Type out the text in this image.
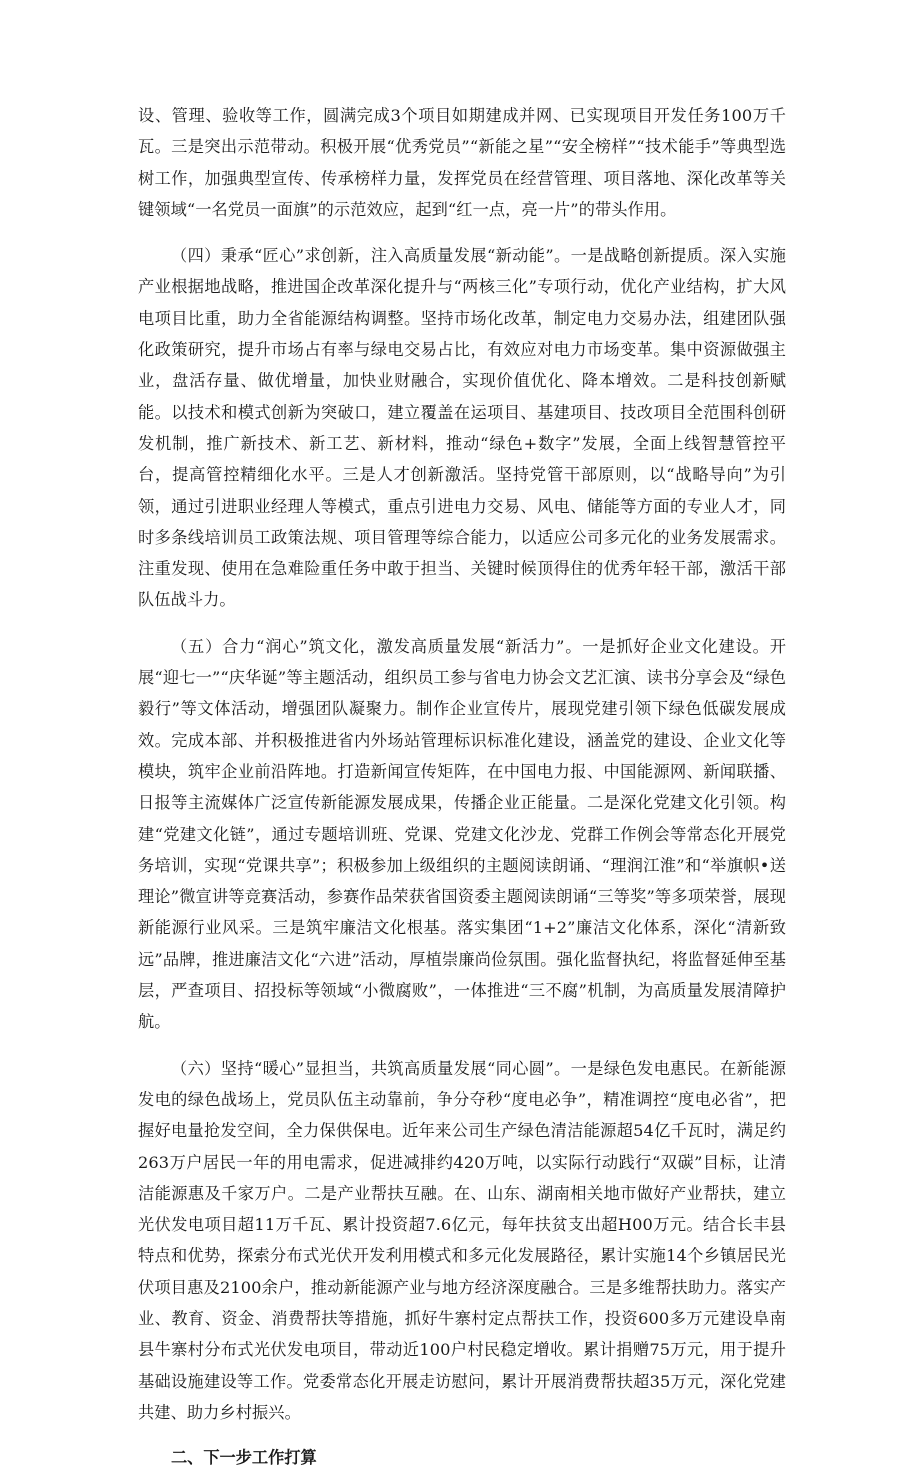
设、管理、验收等工作，圆满完成3个项目如期建成并网、已实现项目开发任务100万千瓦。三是突出示范带动。积极开展“优秀党员”“新能之星”“安全榜样”“技术能手”等典型选树工作，加强典型宣传、传承榜样力量，发挥党员在经营管理、项目落地、深化改革等关键领域“一名党员一面旗”的示范效应，起到“红一点，亮一片”的带头作用。

（四）秉承“匠心”求创新，注入高质量发展“新动能”。一是战略创新提质。深入实施产业根据地战略，推进国企改革深化提升与“两核三化”专项行动，优化产业结构，扩大风电项目比重，助力全省能源结构调整。坚持市场化改革，制定电力交易办法，组建团队强化政策研究，提升市场占有率与绿电交易占比，有效应对电力市场变革。集中资源做强主业，盘活存量、做优增量，加快业财融合，实现价值优化、降本增效。二是科技创新赋能。以技术和模式创新为突破口，建立覆盖在运项目、基建项目、技改项目全范围科创研发机制，推广新技术、新工艺、新材料，推动“绿色+数字”发展，全面上线智慧管控平台，提高管控精细化水平。三是人才创新激活。坚持党管干部原则，以“战略导向”为引领，通过引进职业经理人等模式，重点引进电力交易、风电、储能等方面的专业人才，同时多条线培训员工政策法规、项目管理等综合能力，以适应公司多元化的业务发展需求。注重发现、使用在急难险重任务中敢于担当、关键时候顶得住的优秀年轻干部，激活干部队伍战斗力。

（五）合力“润心”筑文化，激发高质量发展“新活力”。一是抓好企业文化建设。开展“迎七一”“庆华诞”等主题活动，组织员工参与省电力协会文艺汇演、读书分享会及“绿色毅行”等文体活动，增强团队凝聚力。制作企业宣传片，展现党建引领下绿色低碳发展成效。完成本部、并积极推进省内外场站管理标识标准化建设，涵盖党的建设、企业文化等模块，筑牢企业前沿阵地。打造新闻宣传矩阵，在中国电力报、中国能源网、新闻联播、日报等主流媒体广泛宣传新能源发展成果，传播企业正能量。二是深化党建文化引领。构建“党建文化链”，通过专题培训班、党课、党建文化沙龙、党群工作例会等常态化开展党务培训，实现“党课共享”；积极参加上级组织的主题阅读朗诵、“理润江淮”和“举旗帜•送理论”微宣讲等竞赛活动，参赛作品荣获省国资委主题阅读朗诵“三等奖”等多项荣誉，展现新能源行业风采。三是筑牢廉洁文化根基。落实集团“1+2”廉洁文化体系，深化“清新致远”品牌，推进廉洁文化“六进”活动，厚植崇廉尚俭氛围。强化监督执纪，将监督延伸至基层，严查项目、招投标等领域“小微腐败”，一体推进“三不腐”机制，为高质量发展清障护航。

（六）坚持“暖心”显担当，共筑高质量发展“同心圆”。一是绿色发电惠民。在新能源发电的绿色战场上，党员队伍主动靠前，争分夺秒“度电必争”，精准调控“度电必省”，把握好电量抢发空间，全力保供保电。近年来公司生产绿色清洁能源超54亿千瓦时，满足约263万户居民一年的用电需求，促进减排约420万吨，以实际行动践行“双碳”目标，让清洁能源惠及千家万户。二是产业帮扶互融。在、山东、湖南相关地市做好产业帮扶，建立光伏发电项目超11万千瓦、累计投资超7.6亿元，每年扶贫支出超H00万元。结合长丰县特点和优势，探索分布式光伏开发利用模式和多元化发展路径，累计实施14个乡镇居民光伏项目惠及2100余户，推动新能源产业与地方经济深度融合。三是多维帮扶助力。落实产业、教育、资金、消费帮扶等措施，抓好牛寨村定点帮扶工作，投资600多万元建设阜南县牛寨村分布式光伏发电项目，带动近100户村民稳定增收。累计捐赠75万元，用于提升基础设施建设等工作。党委常态化开展走访慰问，累计开展消费帮扶超35万元，深化党建共建、助力乡村振兴。

二、下一步工作打算
